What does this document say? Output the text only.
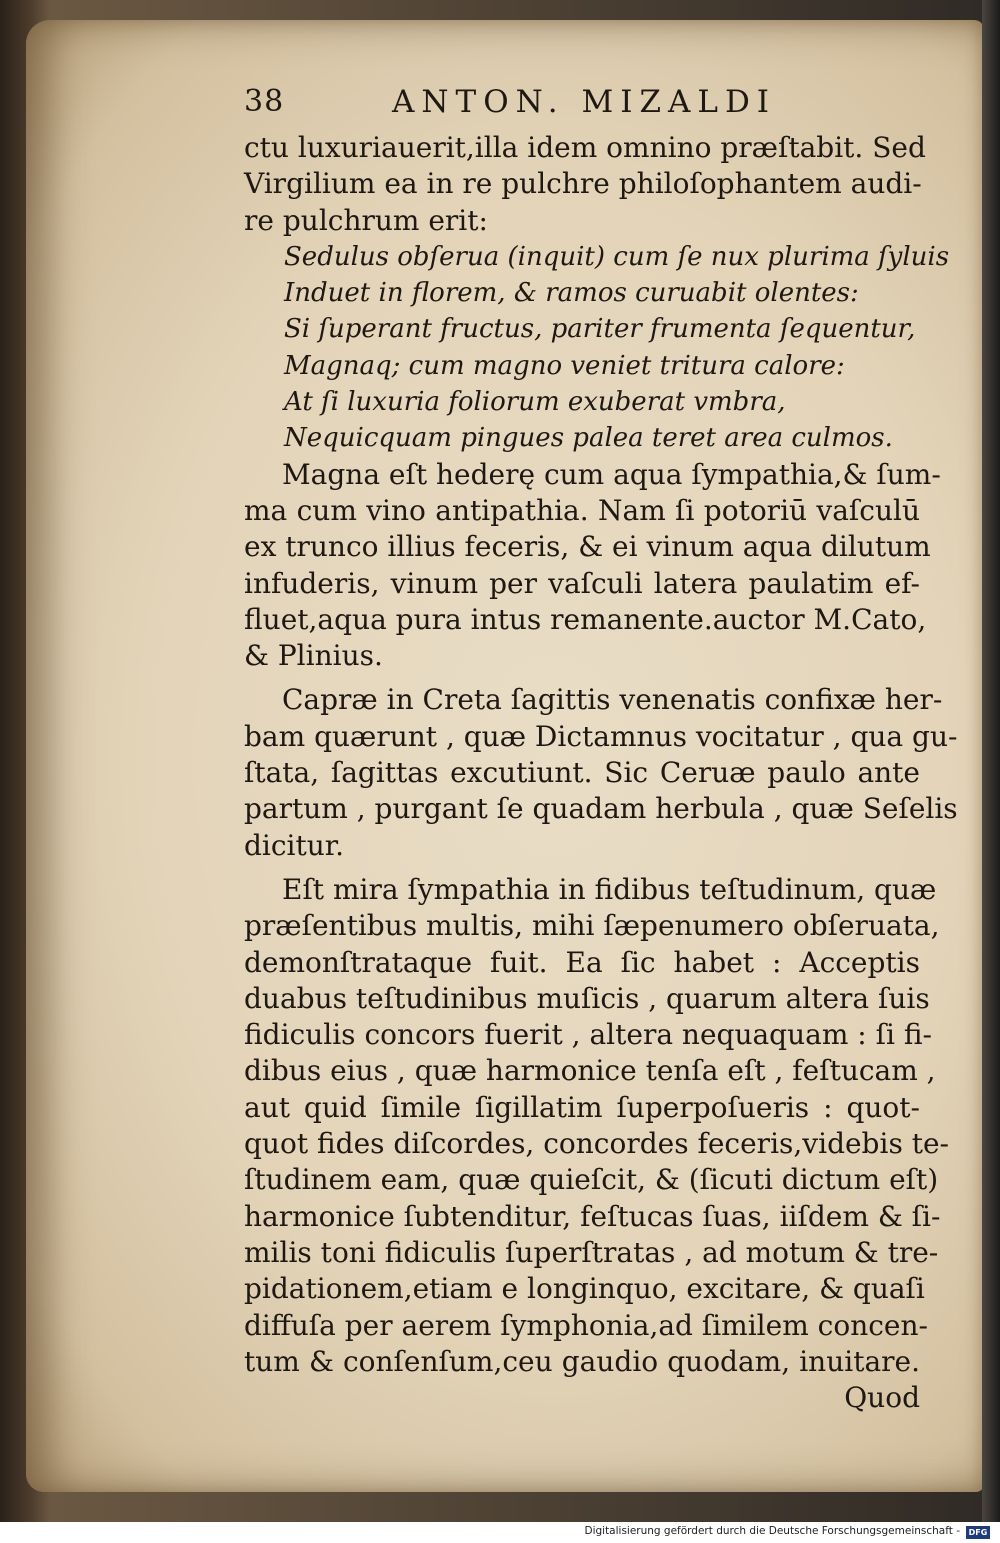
38	ANTON. MIZALDI
ctu luxuriauerit,illa idem omnino præſtabit. Sed
Virgilium ea in re pulchre philoſophantem audi-
re pulchrum erit:
Sedulus obſerua (inquit) cum ſe nux plurima ſyluis
Induet in florem, & ramos curuabit olentes:
Si ſuperant fructus, pariter frumenta ſequentur,
Magnaq; cum magno veniet tritura calore:
At ſi luxuria foliorum exuberat vmbra,
Nequicquam pingues palea teret area culmos.
Magna eſt hederę cum aqua ſympathia,& ſum-
ma cum vino antipathia. Nam ſi potoriū vaſculū
ex trunco illius feceris, & ei vinum aqua dilutum
infuderis, vinum per vaſculi latera paulatim ef-
fluet,aqua pura intus remanente.auctor M.Cato,
& Plinius.
Capræ in Creta ſagittis venenatis confixæ her-
bam quærunt , quæ Dictamnus vocitatur , qua gu-
ſtata, ſagittas excutiunt. Sic Ceruæ paulo ante
partum , purgant ſe quadam herbula , quæ Seſelis
dicitur.
Eſt mira ſympathia in fidibus teſtudinum, quæ
præſentibus multis, mihi ſæpenumero obſeruata,
demonſtrataque fuit. Ea ſic habet : Acceptis
duabus teſtudinibus muſicis , quarum altera ſuis
fidiculis concors fuerit , altera nequaquam : ſi fi-
dibus eius , quæ harmonice tenſa eſt , feſtucam ,
aut quid ſimile ſigillatim ſuperpoſueris : quot-
quot fides diſcordes, concordes feceris,videbis te-
ſtudinem eam, quæ quieſcit, & (ſicuti dictum eſt)
harmonice ſubtenditur, feſtucas ſuas, iiſdem & ſi-
milis toni fidiculis ſuperſtratas , ad motum & tre-
pidationem,etiam e longinquo, excitare, & quaſi
diffuſa per aerem ſymphonia,ad ſimilem concen-
tum & conſenſum,ceu gaudio quodam, inuitare.
Quod
Digitalisierung gefördert durch die Deutsche Forschungsgemeinschaft -	DFG
